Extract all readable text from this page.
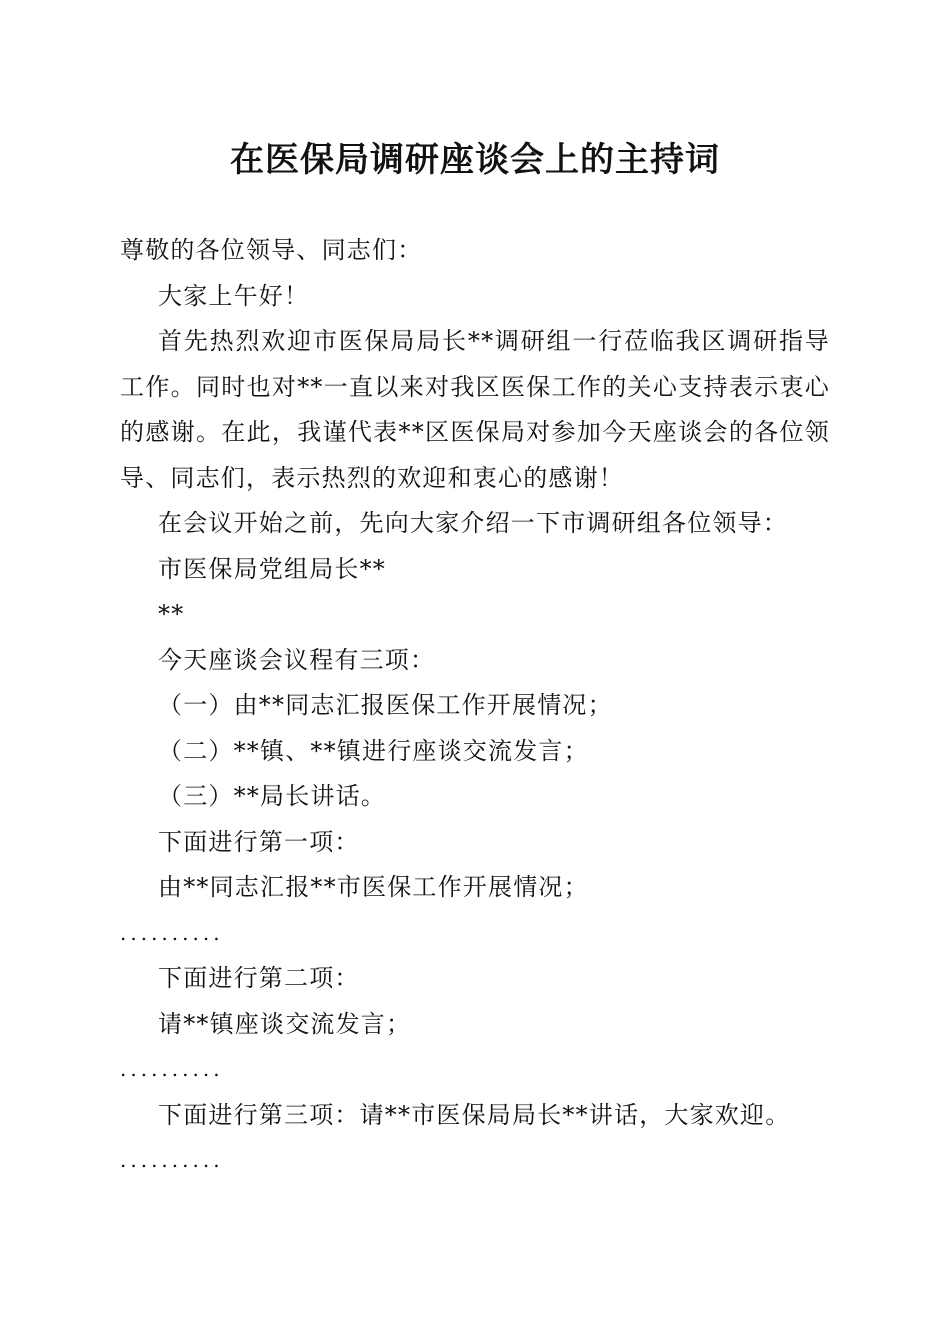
在医保局调研座谈会上的主持词

尊敬的各位领导、同志们：

大家上午好！

首先热烈欢迎市医保局局长**调研组一行莅临我区调研指导工作。同时也对**一直以来对我区医保工作的关心支持表示衷心的感谢。在此，我谨代表**区医保局对参加今天座谈会的各位领导、同志们，表示热烈的欢迎和衷心的感谢！

在会议开始之前，先向大家介绍一下市调研组各位领导：

市医保局党组局长**

**

今天座谈会议程有三项：

（一）由**同志汇报医保工作开展情况；

（二）**镇、**镇进行座谈交流发言；

（三）**局长讲话。

下面进行第一项：

由**同志汇报**市医保工作开展情况；

..........

下面进行第二项：

请**镇座谈交流发言；

..........

下面进行第三项：请**市医保局局长**讲话，大家欢迎。

..........
